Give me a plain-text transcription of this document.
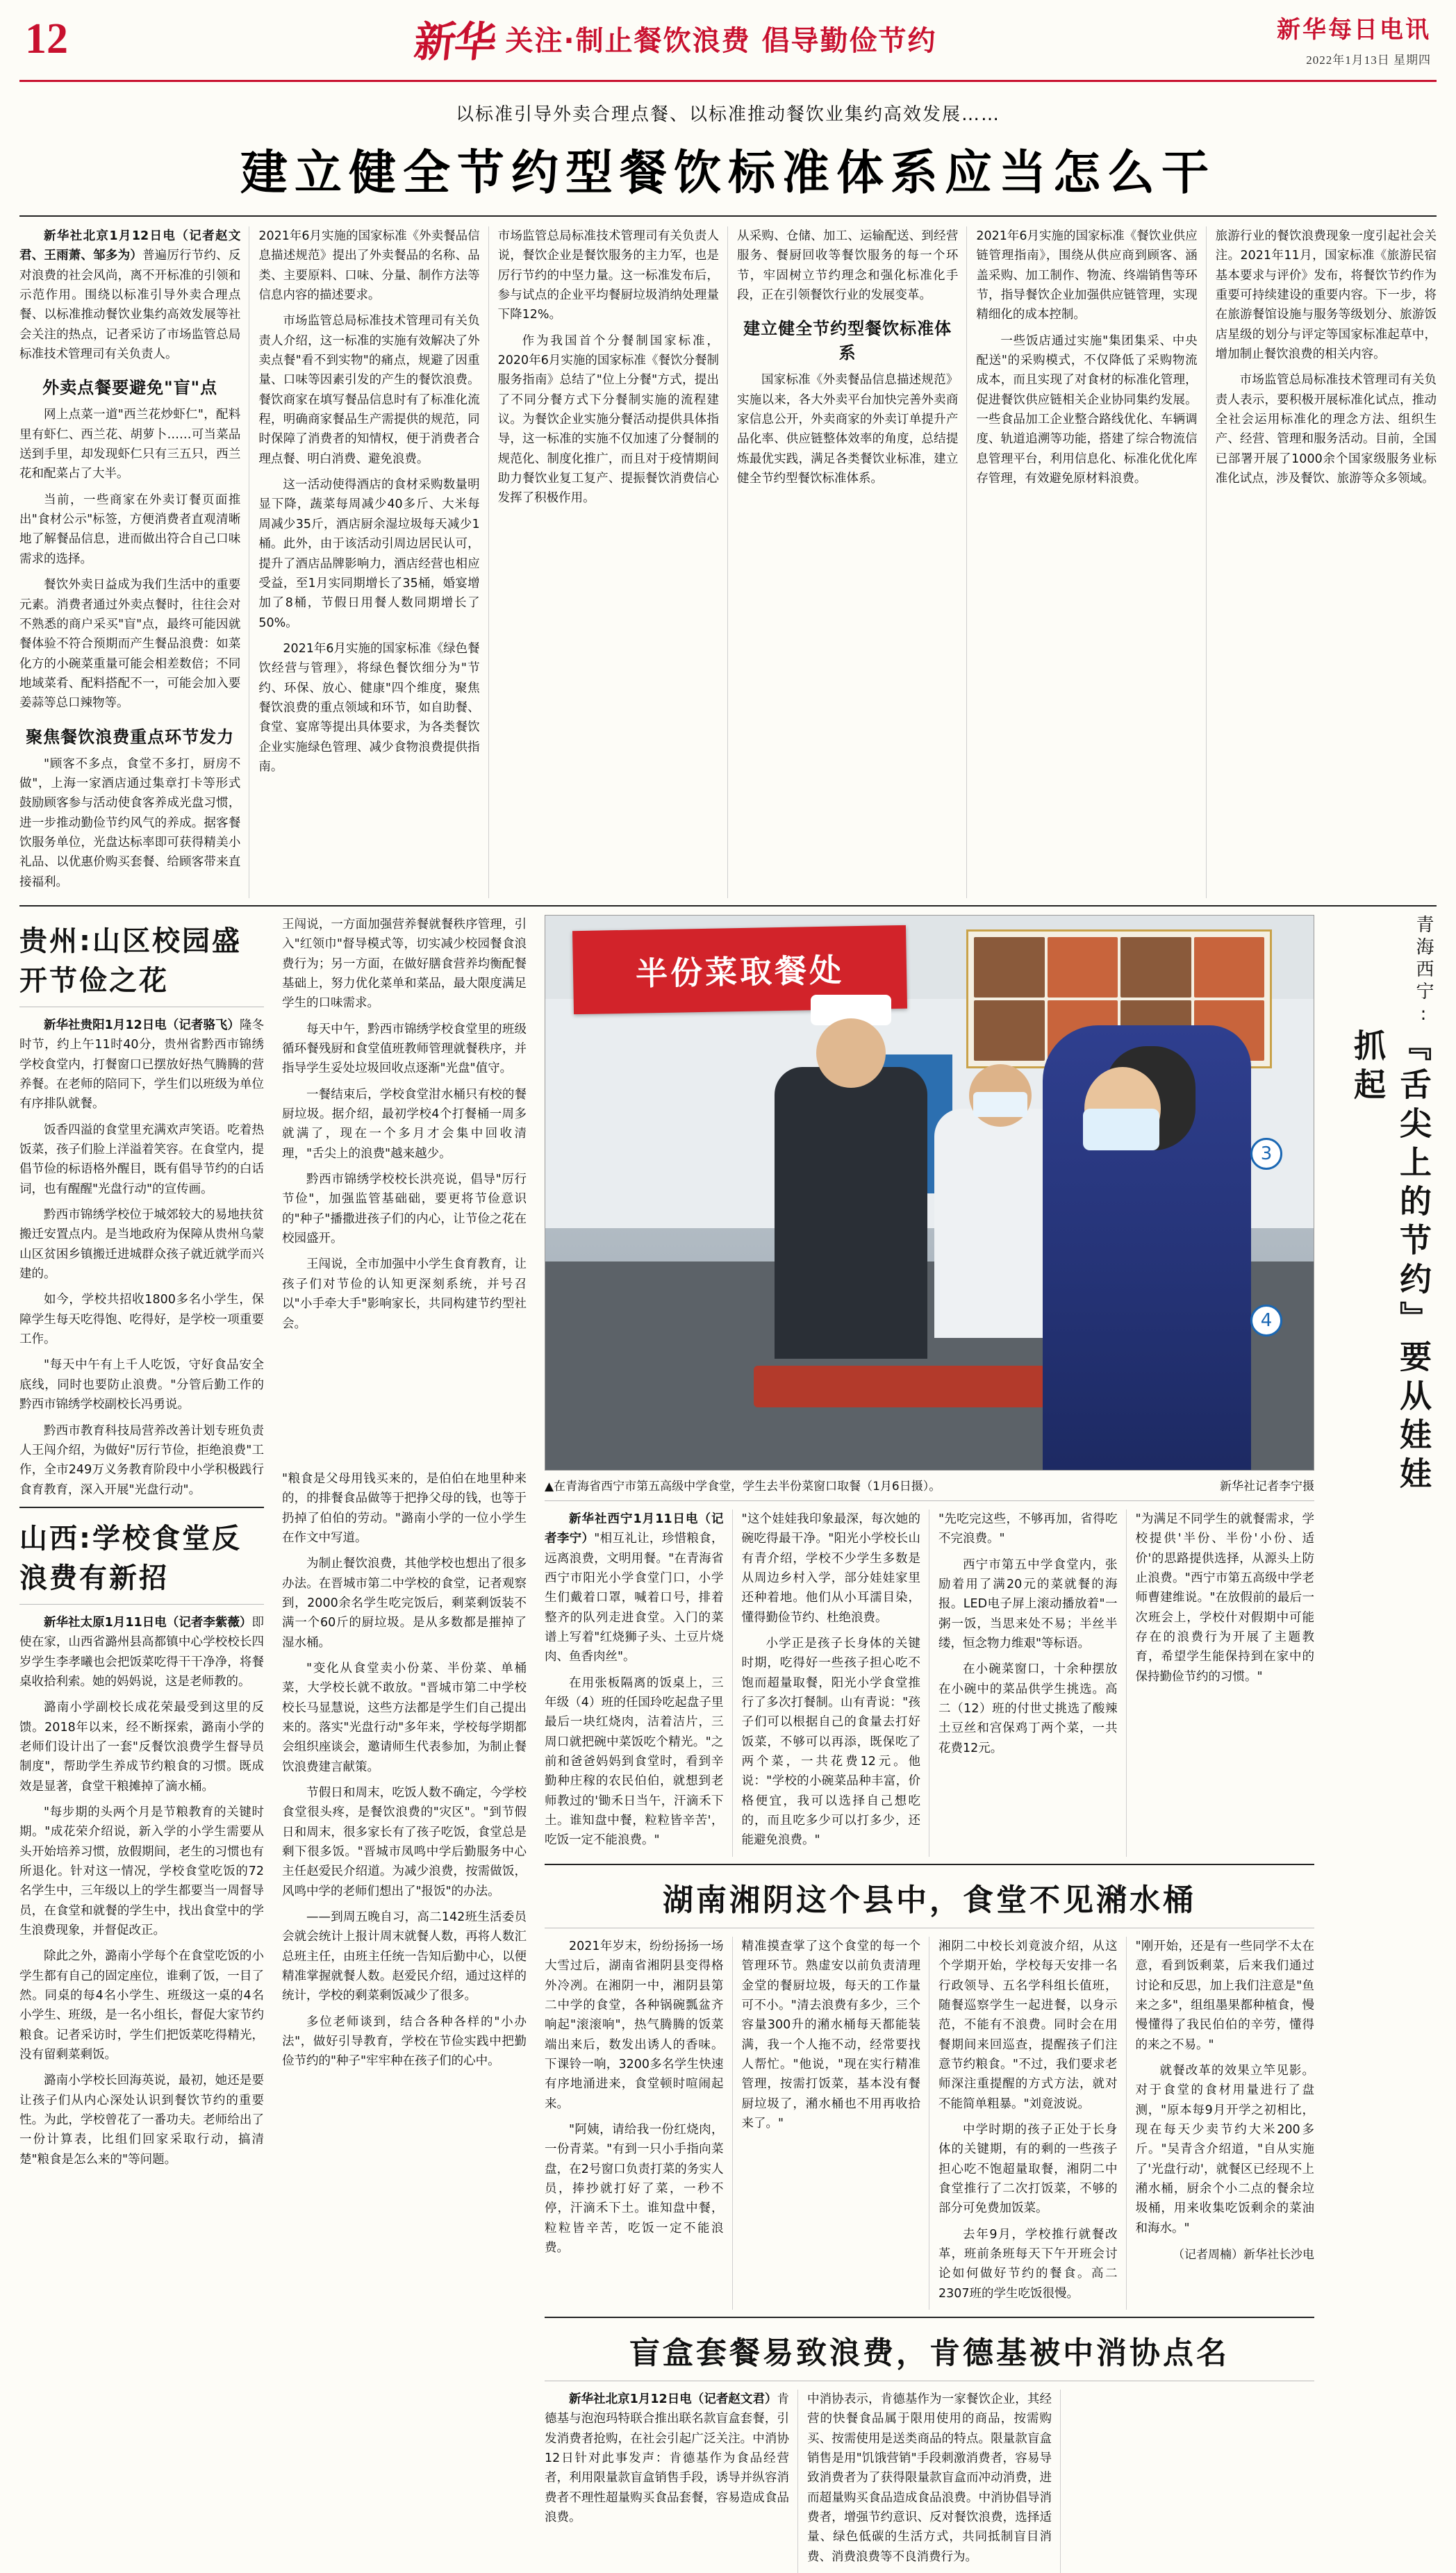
12	新华 关注·制止餐饮浪费 倡导勤俭节约	新华每日电讯
2022年1月13日 星期四
以标准引导外卖合理点餐、以标准推动餐饮业集约高效发展……
建立健全节约型餐饮标准体系应当怎么干

新华社北京1月12日电（记者赵文君、王雨萧、邹多为）普遍厉行节约、反对浪费的社会风尚，离不开标准的引领和示范作用。围绕以标准引导外卖合理点餐、以标准推动餐饮业集约高效发展等社会关注的热点，记者采访了市场监管总局标准技术管理司有关负责人。

外卖点餐要避免"盲"点

网上点菜一道"西兰花炒虾仁"，配料里有虾仁、西兰花、胡萝卜……可当菜品送到手里，却发现虾仁只有三五只，西兰花和配菜占了大半。

当前，一些商家在外卖订餐页面推出"食材公示"标签，方便消费者直观清晰地了解餐品信息，进而做出符合自己口味需求的选择。

餐饮外卖日益成为我们生活中的重要元素。消费者通过外卖点餐时，往往会对不熟悉的商户采买"盲"点，最终可能因就餐体验不符合预期而产生餐品浪费：如菜化方的小碗菜重量可能会相差数倍；不同地域菜肴、配料搭配不一，可能会加入要姜蒜等总口辣物等。

聚焦餐饮浪费重点环节发力

"顾客不多点，食堂不多打，厨房不做"，上海一家酒店通过集章打卡等形式鼓励顾客参与活动使食客养成光盘习惯，进一步推动勤俭节约风气的养成。据客餐饮服务单位，光盘达标率即可获得精美小礼品、以优惠价购买套餐、给顾客带来直接福利。

2021年6月实施的国家标准《外卖餐品信息描述规范》提出了外卖餐品的名称、品类、主要原料、口味、分量、制作方法等信息内容的描述要求。

市场监管总局标准技术管理司有关负责人介绍，这一标准的实施有效解决了外卖点餐"看不到实物"的痛点，规避了因重量、口味等因素引发的产生的餐饮浪费。餐饮商家在填写餐品信息时有了标准化流程，明确商家餐品生产需提供的规范，同时保障了消费者的知情权，便于消费者合理点餐、明白消费、避免浪费。

这一活动使得酒店的食材采购数量明显下降，蔬菜每周减少40多斤、大米每周减少35斤，酒店厨余湿垃圾每天减少1桶。此外，由于该活动引周边居民认可，提升了酒店品牌影响力，酒店经营也相应受益，至1月实同期增长了35桶，婚宴增加了8桶，节假日用餐人数同期增长了50%。

2021年6月实施的国家标准《绿色餐饮经营与管理》，将绿色餐饮细分为"节约、环保、放心、健康"四个维度，聚焦餐饮浪费的重点领域和环节，如自助餐、食堂、宴席等提出具体要求，为各类餐饮企业实施绿色管理、减少食物浪费提供指南。

市场监管总局标准技术管理司有关负责人说，餐饮企业是餐饮服务的主力军，也是厉行节约的中坚力量。这一标准发布后，参与试点的企业平均餐厨垃圾消纳处理量下降12%。

作为我国首个分餐制国家标准，2020年6月实施的国家标准《餐饮分餐制服务指南》总结了"位上分餐"方式，提出了不同分餐方式下分餐制实施的流程建议。为餐饮企业实施分餐活动提供具体指导，这一标准的实施不仅加速了分餐制的规范化、制度化推广，而且对于疫情期间助力餐饮业复工复产、提振餐饮消费信心发挥了积极作用。

从采购、仓储、加工、运输配送、到经营服务、餐厨回收等餐饮服务的每一个环节，牢固树立节约理念和强化标准化手段，正在引领餐饮行业的发展变革。

建立健全节约型餐饮标准体系

国家标准《外卖餐品信息描述规范》实施以来，各大外卖平台加快完善外卖商家信息公开，外卖商家的外卖订单提升产品化率、供应链整体效率的角度，总结提炼最优实践，满足各类餐饮业标准，建立健全节约型餐饮标准体系。

2021年6月实施的国家标准《餐饮业供应链管理指南》，围绕从供应商到顾客、涵盖采购、加工制作、物流、终端销售等环节，指导餐饮企业加强供应链管理，实现精细化的成本控制。

一些饭店通过实施"集团集采、中央配送"的采购模式，不仅降低了采购物流成本，而且实现了对食材的标准化管理，促进餐饮供应链相关企业协同集约发展。一些食品加工企业整合路线优化、车辆调度、轨道追溯等功能，搭建了综合物流信息管理平台，利用信息化、标准化优化库存管理，有效避免原材料浪费。

旅游行业的餐饮浪费现象一度引起社会关注。2021年11月，国家标准《旅游民宿基本要求与评价》发布，将餐饮节约作为重要可持续建设的重要内容。下一步，将在旅游餐馆设施与服务等级划分、旅游饭店星级的划分与评定等国家标准起草中，增加制止餐饮浪费的相关内容。

市场监管总局标准技术管理司有关负责人表示，要积极开展标准化试点，推动全社会运用标准化的理念方法、组织生产、经营、管理和服务活动。目前，全国已部署开展了1000余个国家级服务业标准化试点，涉及餐饮、旅游等众多领域。

贵州:山区校园盛开节俭之花

新华社贵阳1月12日电（记者骆飞）隆冬时节，约上午11时40分，贵州省黔西市锦绣学校食堂内，打餐窗口已摆放好热气腾腾的营养餐。在老师的陪同下，学生们以班级为单位有序排队就餐。

饭香四溢的食堂里充满欢声笑语。吃着热饭菜，孩子们脸上洋溢着笑容。在食堂内，提倡节俭的标语格外醒目，既有倡导节约的白话词，也有醒醒"光盘行动"的宣传画。

黔西市锦绣学校位于城郊较大的易地扶贫搬迁安置点内。是当地政府为保障从贵州乌蒙山区贫困乡镇搬迁进城群众孩子就近就学而兴建的。

如今，学校共招收1800多名小学生，保障学生每天吃得饱、吃得好，是学校一项重要工作。

"每天中午有上千人吃饭，守好食品安全底线，同时也要防止浪费。"分管后勤工作的黔西市锦绣学校副校长冯勇说。

黔西市教育科技局营养改善计划专班负责人王闯介绍，为做好"厉行节俭，拒绝浪费"工作，全市249万义务教育阶段中小学积极践行食育教育，深入开展"光盘行动"。

山西:学校食堂反浪费有新招

新华社太原1月11日电（记者李紫薇）即使在家，山西省潞州县高都镇中心学校校长四岁学生李孝曦也会把饭菜吃得干干净净，将餐桌收拾利索。她的妈妈说，这是老师教的。

潞南小学副校长成花荣最受到这里的反馈。2018年以来，经不断探索，潞南小学的老师们设计出了一套"反餐饮浪费学生督导员制度"，帮助学生养成节约粮食的习惯。既成效是显著，食堂干粮摊掉了滴水桶。

"每步期的头两个月是节粮教育的关键时期。"成花荣介绍说，新入学的小学生需要从头开始培养习惯，放假期间，老生的习惯也有所退化。针对这一情况，学校食堂吃饭的72名学生中，三年级以上的学生都要当一周督导员，在食堂和就餐的学生中，找出食堂中的学生浪费现象，并督促改正。

除此之外，潞南小学每个在食堂吃饭的小学生都有自己的固定座位，谁剩了饭，一目了然。同桌的每4名小学生、班级这一桌的4名小学生、班级，是一名小组长，督促大家节约粮食。记者采访时，学生们把饭菜吃得精光，没有留剩菜剩饭。

潞南小学校长回海英说，最初，她还是要让孩子们从内心深处认识到餐饮节约的重要性。为此，学校曾花了一番功夫。老师给出了一份计算表，比组们回家采取行动，搞清楚"粮食是怎么来的"等问题。

王闯说，一方面加强营养餐就餐秩序管理，引入"红领巾"督导模式等，切实减少校园餐食浪费行为；另一方面，在做好膳食营养均衡配餐基础上，努力优化菜单和菜品，最大限度满足学生的口味需求。

每天中午，黔西市锦绣学校食堂里的班级循环餐残厨和食堂值班教师管理就餐秩序，并指导学生妥处垃圾回收点逐渐"光盘"值守。

一餐结束后，学校食堂泔水桶只有校的餐厨垃圾。据介绍，最初学校4个打餐桶一周多就满了，现在一个多月才会集中回收清理，"舌尖上的浪费"越来越少。

黔西市锦绣学校校长洪亮说，倡导"厉行节俭"，加强监管基础础，要更将节俭意识的"种子"播撒进孩子们的内心，让节俭之花在校园盛开。

王闯说，全市加强中小学生食育教育，让孩子们对节俭的认知更深刻系统，并号召以"小手牵大手"影响家长，共同构建节约型社会。

"粮食是父母用钱买来的，是伯伯在地里种来的，的排餐食品做等于把挣父母的钱，也等于扔掉了伯伯的劳动。"潞南小学的一位小学生在作文中写道。

为制止餐饮浪费，其他学校也想出了很多办法。在晋城市第二中学校的食堂，记者观察到，2000余名学生吃完饭后，剩菜剩饭装不满一个60斤的厨垃圾。是从多数都是摧掉了湿水桶。

"变化从食堂卖小份菜、半份菜、单桶菜，大学校长就不敢放。"晋城市第二中学校校长马显慧说，这些方法都是学生们自己提出来的。落实"光盘行动"多年来，学校每学期都会组织座谈会，邀请师生代表参加，为制止餐饮浪费建言献策。

节假日和周末，吃饭人数不确定，今学校食堂很头疼，是餐饮浪费的"灾区"。"到节假日和周末，很多家长有了孩子吃饭，食堂总是剩下很多饭。"晋城市凤鸣中学后勤服务中心主任赵爱民介绍道。为减少浪费，按需做饭，风鸣中学的老师们想出了"报饭"的办法。

——到周五晚自习，高二142班生活委员会就会统计上报计周末就餐人数，再将人数汇总班主任，由班主任统一告知后勤中心，以便精准掌握就餐人数。赵爱民介绍，通过这样的统计，学校的剩菜剩饭减少了很多。

多位老师谈到，结合各种各样的"小办法"，做好引导教育，学校在节俭实践中把勤俭节约的"种子"牢牢种在孩子们的心中。

半份菜取餐处
3
4
▲在青海省西宁市第五高级中学食堂，学生去半份菜窗口取餐（1月6日摄）。	新华社记者李宁摄

新华社西宁1月11日电（记者李宁）"相互礼让，珍惜粮食，远离浪费，文明用餐。"在青海省西宁市阳光小学食堂门口，小学生们戴着口罩，喊着口号，排着整齐的队列走进食堂。入门的菜谱上写着"红烧狮子头、土豆片烧肉、鱼香肉丝"。

在用张板隔离的饭桌上，三年级（4）班的任国玲吃起盘子里最后一块红烧肉，洁着洁片，三周口就把碗中菜饭吃个精光。"之前和爸爸妈妈到食堂时，看到辛勤种庄稼的农民伯伯，就想到老师教过的'锄禾日当午，汗滴禾下土。谁知盘中餐，粒粒皆辛苦'，吃饭一定不能浪费。"

"这个娃娃我印象最深，每次她的碗吃得最干净。"阳光小学校长山有青介绍，学校不少学生多数是从周边乡村入学，部分娃娃家里还种着地。他们从小耳濡目染，懂得勤俭节约、杜绝浪费。

小学正是孩子长身体的关键时期，吃得好一些孩子担心吃不饱而超量取餐，阳光小学食堂推行了多次打餐制。山有青说："孩子们可以根据自己的食量去打好饭菜，不够可以再添，既保吃了两个菜，一共花费12元。他说："学校的小碗菜品种丰富，价格便宜，我可以选择自己想吃的，而且吃多少可以打多少，还能避免浪费。"

"先吃完这些，不够再加，省得吃不完浪费。"

西宁市第五中学食堂内，张励着用了满20元的菜就餐的海报。LED电子屏上滚动播放着"一粥一饭，当思来处不易；半丝半缕，恒念物力维艰"等标语。

在小碗菜窗口，十余种摆放在小碗中的菜品供学生挑选。高二（12）班的付世丈挑选了酸辣土豆丝和宫保鸡丁两个菜，一共花费12元。

"为满足不同学生的就餐需求，学校提供'半份、半份'小份、适价'的思路提供选择，从源头上防止浪费。"西宁市第五高级中学老师曹建维说。"在放假前的最后一次班会上，学校什对假期中可能存在的浪费行为开展了主题教育，希望学生能保持到在家中的保持勤俭节约的习惯。"

湖南湘阴这个县中，食堂不见潲水桶

2021年岁末，纷纷扬扬一场大雪过后，湖南省湘阴县变得格外冷冽。在湘阴一中，湘阴县第二中学的食堂，各种锅碗瓢盆齐响起"滚滚响"，热气腾腾的饭菜端出来后，数发出诱人的香味。下课铃一响，3200多名学生快速有序地涌进来，食堂顿时喧闹起来。

"阿姨，请给我一份红烧肉，一份青菜。"有到一只小手指向菜盘，在2号窗口负责打菜的务实人员，捧抄就打好了菜，一秒不停，汗滴禾下土。谁知盘中餐，粒粒皆辛苦，吃饭一定不能浪费。

精准摸查掌了这个食堂的每一个管理环节。熟虚安以前负责清理金堂的餐厨垃圾，每天的工作量可不小。"清去浪费有多少，三个容量300升的潲水桶每天都能装满，我一个人拖不动，经常要找人帮忙。"他说，"现在实行精准管理，按需打饭菜，基本没有餐厨垃圾了，潲水桶也不用再收拾来了。"

湘阴二中校长刘竟波介绍，从这个学期开始，学校每天安排一名行政领导、五名学科组长值班，随餐巡察学生一起进餐，以身示范，不能有不浪费。同时会在用餐期间来回巡查，提醒孩子们注意节约粮食。"不过，我们要求老师深注重提醒的方式方法，就对不能简单粗暴。"刘竟波说。

中学时期的孩子正处于长身体的关键期，有的剩的一些孩子担心吃不饱超量取餐，湘阴二中食堂推行了二次打饭菜，不够的部分可免费加饭菜。

去年9月，学校推行就餐改革，班前条班每天下午开班会讨论如何做好节约的餐食。高二2307班的学生吃饭很慢。

"刚开始，还是有一些同学不太在意，看到饭剩菜，后来我们通过讨论和反思，加上我们注意是"鱼来之多"，组组墨果都种植食，慢慢懂得了我民伯伯的辛劳，懂得的来之不易。"

就餐改革的效果立竿见影。对于食堂的食材用量进行了盘测，"原本每9月开学之初相比，现在每天少卖节约大米200多斤。"吴青含介绍道，"自从实施了'光盘行动'，就餐区已经现不上潲水桶，厨余个小二点的餐余垃圾桶，用来收集吃饭剩余的菜油和海水。"

（记者周楠）新华社长沙电
盲盒套餐易致浪费，肯德基被中消协点名

新华社北京1月12日电（记者赵文君）肯德基与泡泡玛特联合推出联名款盲盒套餐，引发消费者抢购，在社会引起广泛关注。中消协12日针对此事发声：肯德基作为食品经营者，利用限量款盲盒销售手段，诱导并纵容消费者不理性超量购买食品套餐，容易造成食品浪费。

中消协表示，肯德基作为一家餐饮企业，其经营的快餐食品属于限用使用的商品，按需购买、按需使用是送类商品的特点。限量款盲盒销售是用"饥饿营销"手段刺激消费者，容易导致消费者为了获得限量款盲盒而冲动消费，进而超量购买食品造成食品浪费。中消协倡导消费者，增强节约意识、反对餐饮浪费，选择适量、绿色低碳的生活方式，共同抵制盲目消费、消费浪费等不良消费行为。

青海西宁:
『舌尖上的节约』要从娃娃抓起
